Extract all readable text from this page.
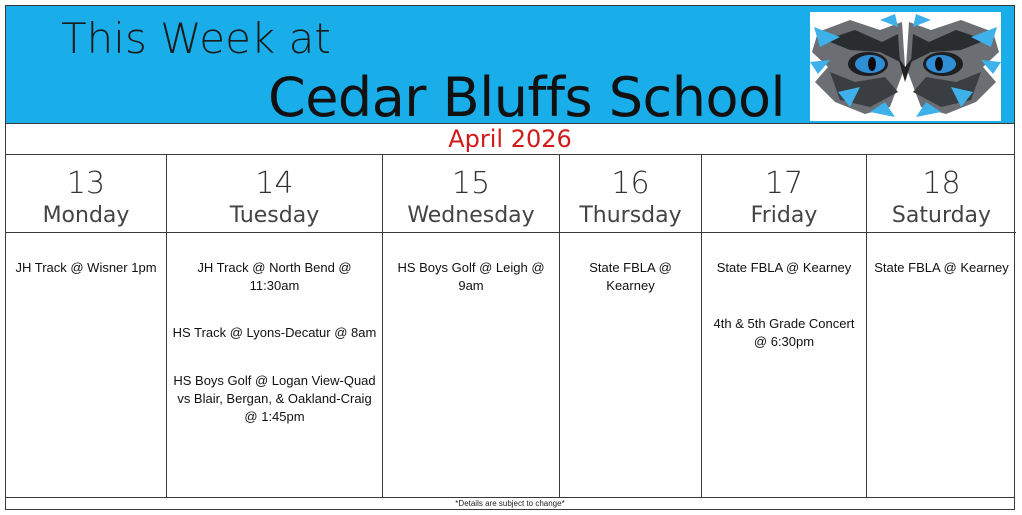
This Week at
Cedar Bluffs School
April 2026
13
Monday
JH Track @ Wisner 1pm
14
Tuesday
JH Track @ North Bend @ 11:30am
HS Track @ Lyons-Decatur @ 8am
HS Boys Golf @ Logan View-Quad vs Blair, Bergan, & Oakland-Craig @ 1:45pm
15
Wednesday
HS Boys Golf @ Leigh @ 9am
16
Thursday
State FBLA @ Kearney
17
Friday
State FBLA @ Kearney
4th & 5th Grade Concert @ 6:30pm
18
Saturday
State FBLA @ Kearney
*Details are subject to change*
